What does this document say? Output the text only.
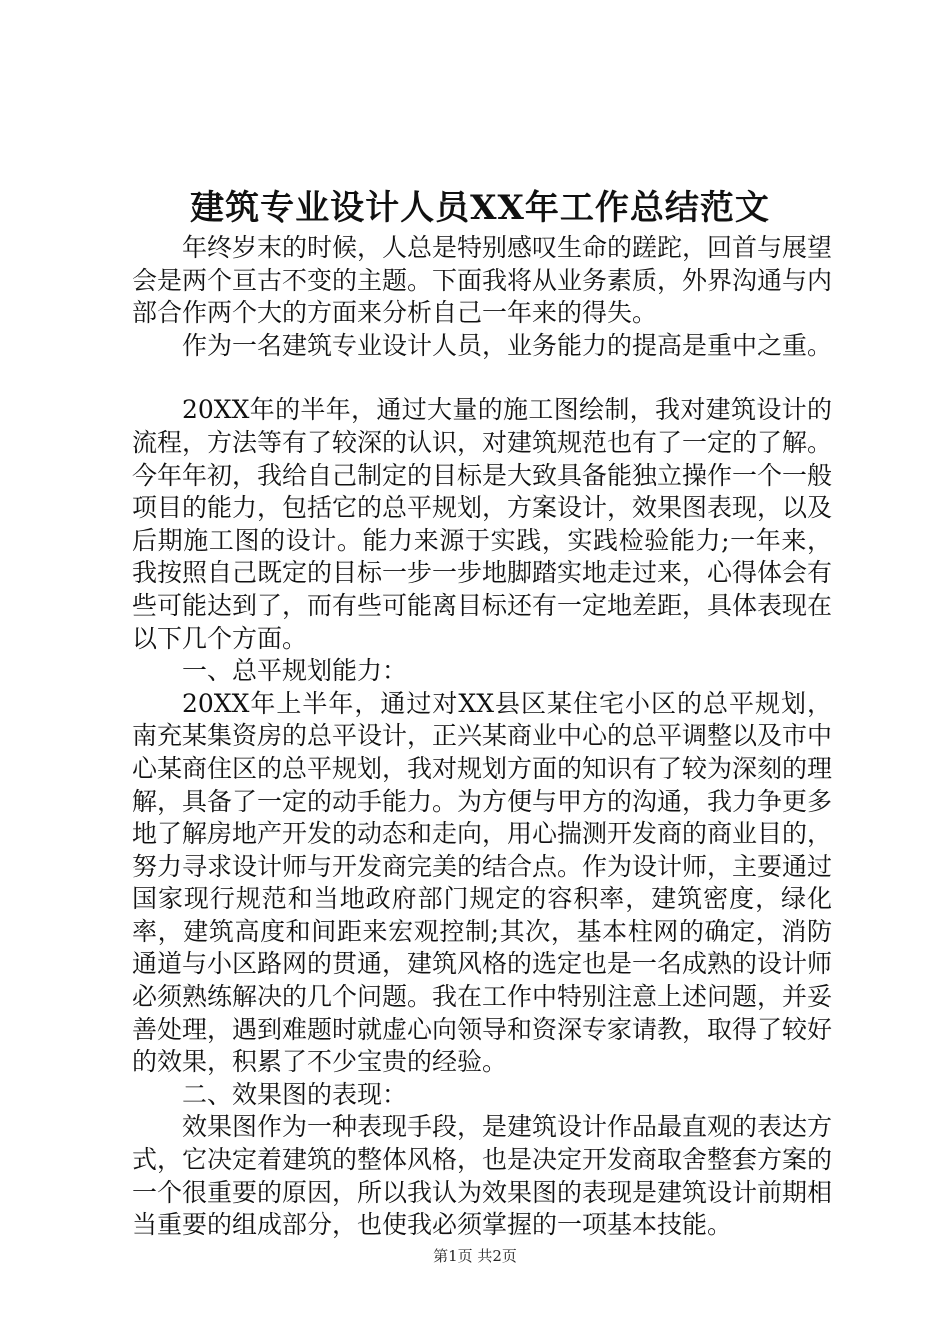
建筑专业设计人员XX年工作总结范文

年终岁末的时候，人总是特别感叹生命的蹉跎，回首与展望会是两个亘古不变的主题。下面我将从业务素质，外界沟通与内部合作两个大的方面来分析自己一年来的得失。

作为一名建筑专业设计人员，业务能力的提高是重中之重。

20XX年的半年，通过大量的施工图绘制，我对建筑设计的流程，方法等有了较深的认识，对建筑规范也有了一定的了解。今年年初，我给自己制定的目标是大致具备能独立操作一个一般项目的能力，包括它的总平规划，方案设计，效果图表现，以及后期施工图的设计。能力来源于实践，实践检验能力;一年来，我按照自己既定的目标一步一步地脚踏实地走过来，心得体会有些可能达到了，而有些可能离目标还有一定地差距，具体表现在以下几个方面。

一、总平规划能力：

20XX年上半年，通过对XX县区某住宅小区的总平规划，南充某集资房的总平设计，正兴某商业中心的总平调整以及市中心某商住区的总平规划，我对规划方面的知识有了较为深刻的理解，具备了一定的动手能力。为方便与甲方的沟通，我力争更多地了解房地产开发的动态和走向，用心揣测开发商的商业目的，努力寻求设计师与开发商完美的结合点。作为设计师，主要通过国家现行规范和当地政府部门规定的容积率，建筑密度，绿化率，建筑高度和间距来宏观控制;其次，基本柱网的确定，消防通道与小区路网的贯通，建筑风格的选定也是一名成熟的设计师必须熟练解决的几个问题。我在工作中特别注意上述问题，并妥善处理，遇到难题时就虚心向领导和资深专家请教，取得了较好的效果，积累了不少宝贵的经验。

二、效果图的表现：

效果图作为一种表现手段，是建筑设计作品最直观的表达方式，它决定着建筑的整体风格，也是决定开发商取舍整套方案的一个很重要的原因，所以我认为效果图的表现是建筑设计前期相当重要的组成部分，也使我必须掌握的一项基本技能。

第1页 共2页
